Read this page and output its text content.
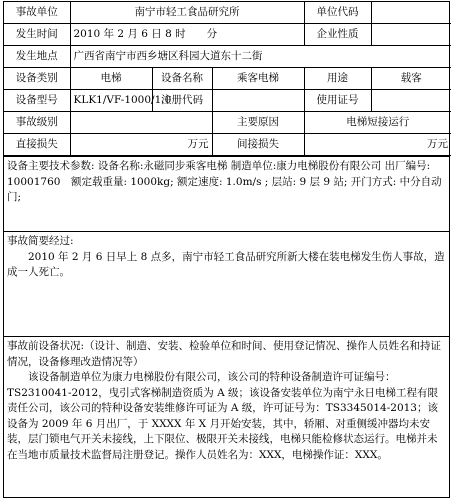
事故单位	南宁市轻工食品研究所			单位代码	
发生时间	2010 年 2 月 6 日 8 时　　分			企业性质	
发生地点	广西省南宁市西乡塘区科园大道东十二街				
设备类别	电梯	设备名称	乘客电梯	用途	载客
设备型号	KLK1/VF-1000/1.0	注册代码		使用证号	
事故级别			主要原因	电梯短接运行	
直接损失	万元		间接损失	万元	

设备主要技术参数: 设备名称:永磁同步乘客电梯 制造单位:康力电梯股份有限公司 出厂编号: 10001760　额定载重量: 1000kg; 额定速度: 1.0m/s ; 层站: 9 层 9 站; 开门方式: 中分自动门;

事故简要经过:

2010 年 2 月 6 日早上 8 点多，南宁市轻工食品研究所新大楼在装电梯发生伤人事故，造成一人死亡。

事故前设备状况:（设计、制造、安装、检验单位和时间、使用登记情况、操作人员姓名和持证情况，设备修理改造情况等）

该设备制造单位为康力电梯股份有限公司，该公司的特种设备制造许可证编号：TS2310041-2012，曳引式客梯制造资质为 A 级；该设备安装单位为南宁永日电梯工程有限责任公司，该公司的特种设备安装维修许可证为 A 级，许可证号为：TS3345014-2013；该设备为 2009 年 6 月出厂，于 XXXX 年 X 月开始安装，其中，轿厢、对重侧缓冲器均未安装，层门锁电气开关未接线，上下限位、极限开关未接线，电梯只能检修状态运行。电梯并未在当地市质量技术监督局注册登记。操作人员姓名为：XXX，电梯操作证：XXX。
